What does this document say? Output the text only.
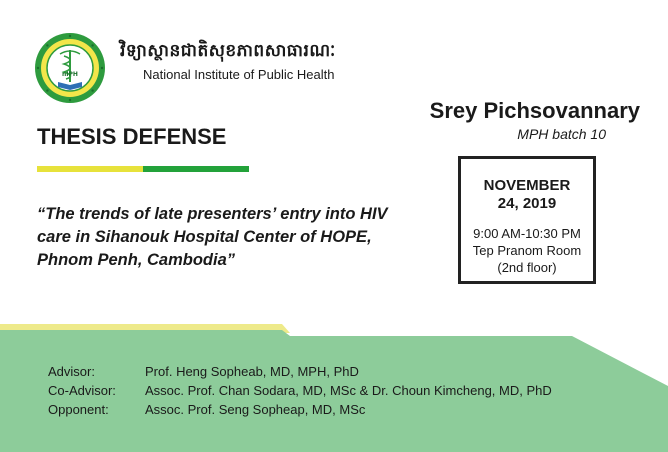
nIPH
វិទ្យាស្ថានជាតិសុខភាពសាធារណៈ
National Institute of Public Health
THESIS DEFENSE
“The trends of late presenters’ entry into HIV
care in Sihanouk Hospital Center of HOPE,
Phnom Penh, Cambodia”
Srey Pichsovannary
MPH batch 10
NOVEMBER
24, 2019
9:00 AM-10:30 PM
Tep Pranom Room
(2nd floor)
Advisor:	Prof. Heng Sopheab, MD, MPH, PhD
Co-Advisor:	Assoc. Prof. Chan Sodara, MD, MSc & Dr. Choun Kimcheng, MD, PhD
Opponent:	Assoc. Prof. Seng Sopheap, MD, MSc
